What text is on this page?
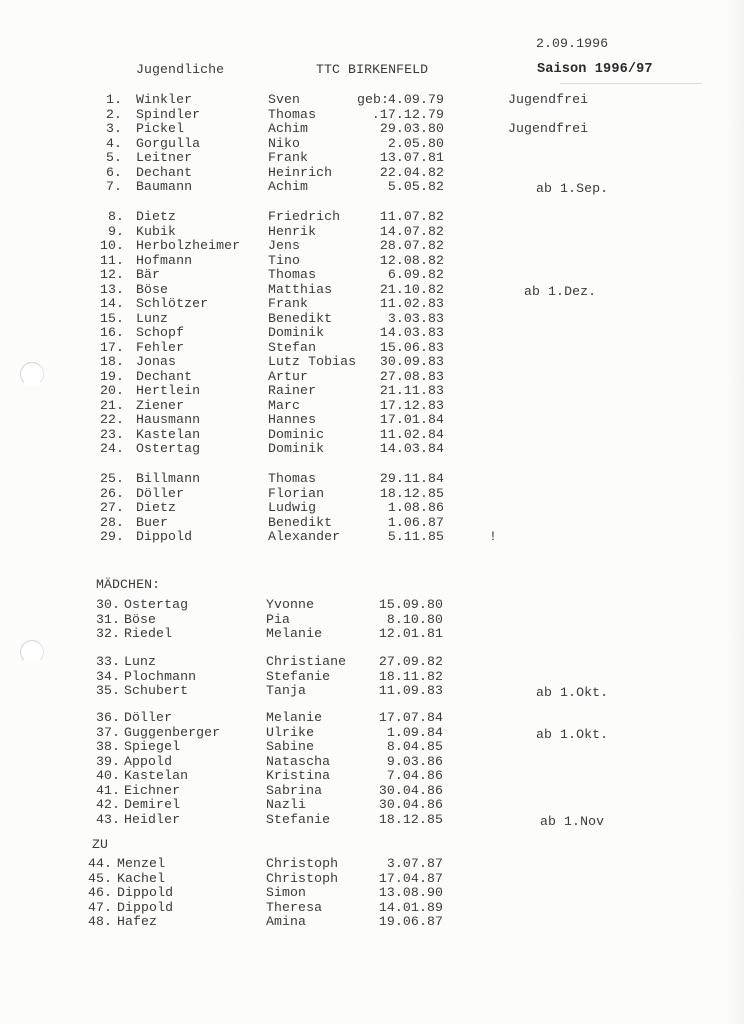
2.09.1996
Jugendliche	TTC BIRKENFELD	Saison 1996/97
geb:
1. Winkler	Sven	4.09.79	Jugendfrei
2. Spindler	Thomas	.17.12.79
3. Pickel	Achim	29.03.80	Jugendfrei
4. Gorgulla	Niko	2.05.80
5. Leitner	Frank	13.07.81
6. Dechant	Heinrich	22.04.82
7. Baumann	Achim	5.05.82	ab 1.Sep.
8. Dietz	Friedrich	11.07.82
9. Kubik	Henrik	14.07.82
10. Herbolzheimer Jens	28.07.82
11. Hofmann	Tino	12.08.82
12. Bär	Thomas	6.09.82
13. Böse	Matthias	21.10.82	ab 1.Dez.
14. Schlötzer	Frank	11.02.83
15. Lunz	Benedikt	3.03.83
16. Schopf	Dominik	14.03.83
17. Fehler	Stefan	15.06.83
18. Jonas	Lutz Tobias	30.09.83
19. Dechant	Artur	27.08.83
20. Hertlein	Rainer	21.11.83
21. Ziener	Marc	17.12.83
22. Hausmann	Hannes	17.01.84
23. Kastelan	Dominic	11.02.84
24. Ostertag	Dominik	14.03.84
25. Billmann	Thomas	29.11.84
26. Döller	Florian	18.12.85
27. Dietz	Ludwig	1.08.86
28. Buer	Benedikt	1.06.87
29. Dippold	Alexander	5.11.85	!
30. Ostertag	Yvonne	15.09.80
31. Böse	Pia	8.10.80
32. Riedel	Melanie	12.01.81
33. Lunz	Christiane	27.09.82
34. Plochmann	Stefanie	18.11.82
35. Schubert	Tanja	11.09.83	ab 1.Okt.
36. Döller	Melanie	17.07.84
37. Guggenberger	Ulrike	1.09.84	ab 1.Okt.
38. Spiegel	Sabine	8.04.85
39. Appold	Natascha	9.03.86
40. Kastelan	Kristina	7.04.86
41. Eichner	Sabrina	30.04.86
42. Demirel	Nazli	30.04.86
43. Heidler	Stefanie	18.12.85	ab 1.Nov
44. Menzel	Christoph	3.07.87
45. Kachel	Christoph	17.04.87
46. Dippold	Simon	13.08.90
47. Dippold	Theresa	14.01.89
48. Hafez	Amina	19.06.87
MÄDCHEN:
ZU
